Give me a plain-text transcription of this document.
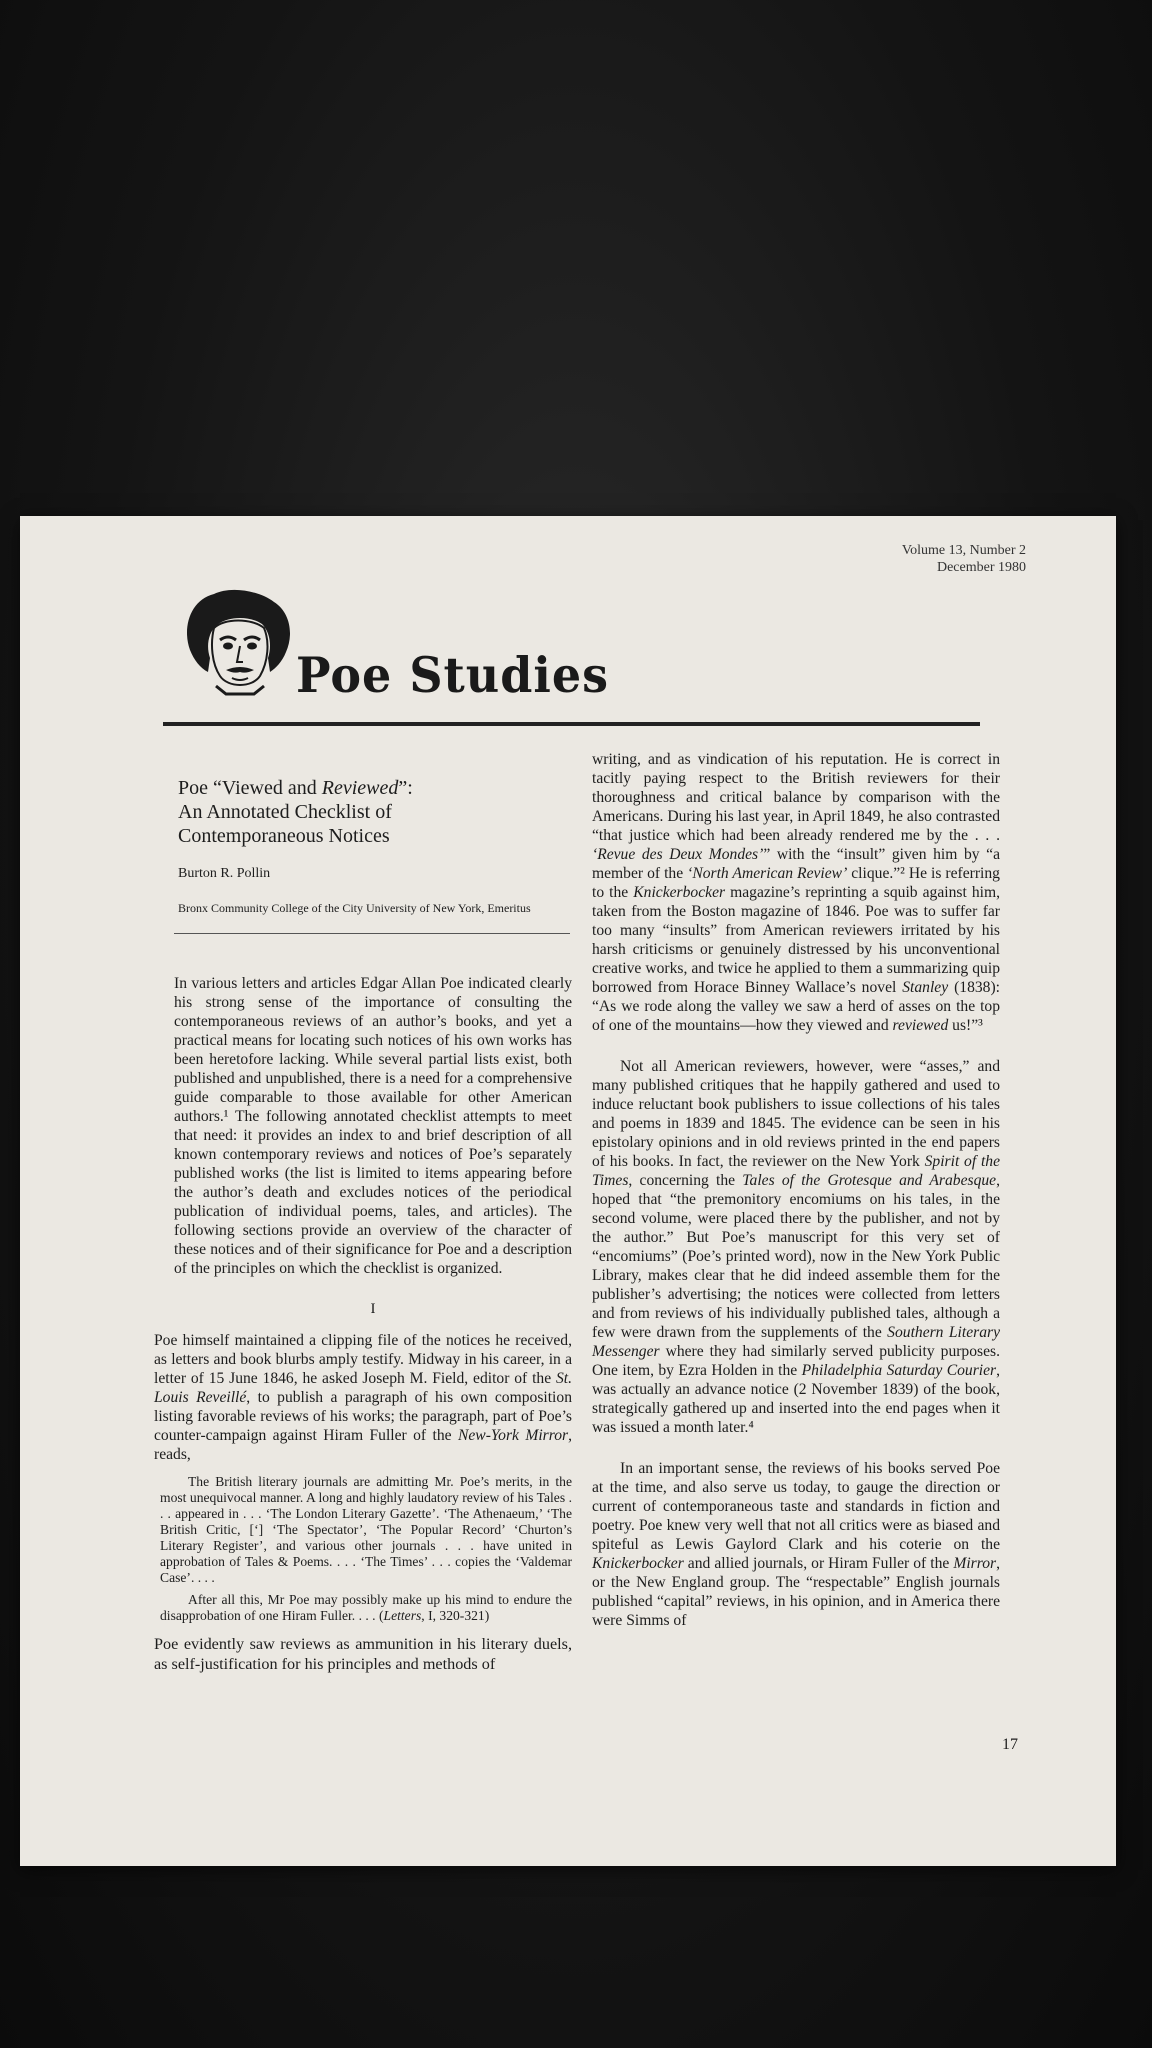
Volume 13, Number 2
December 1980
Poe Studies
Poe “Viewed and Reviewed”:
An Annotated Checklist of
Contemporaneous Notices
Burton R. Pollin
Bronx Community College of the City University of New York, Emeritus

In various letters and articles Edgar Allan Poe indicated clearly his strong sense of the importance of consulting the contemporaneous reviews of an author’s books, and yet a practical means for locating such notices of his own works has been heretofore lacking. While several partial lists exist, both published and unpublished, there is a need for a comprehensive guide comparable to those available for other American authors.¹ The following annotated checklist attempts to meet that need: it provides an index to and brief description of all known contemporary reviews and notices of Poe’s separately published works (the list is limited to items appearing before the author’s death and excludes notices of the periodical publication of individual poems, tales, and articles). The following sections provide an overview of the character of these notices and of their significance for Poe and a description of the principles on which the checklist is organized.

I

Poe himself maintained a clipping file of the notices he received, as letters and book blurbs amply testify. Midway in his career, in a letter of 15 June 1846, he asked Joseph M. Field, editor of the St. Louis Reveillé, to publish a paragraph of his own composition listing favorable reviews of his works; the paragraph, part of Poe’s counter-campaign against Hiram Fuller of the New-York Mirror, reads,

The British literary journals are admitting Mr. Poe’s merits, in the most unequivocal manner. A long and highly laudatory review of his Tales . . . appeared in . . . ‘The London Literary Gazette’. ‘The Athenaeum,’ ‘The British Critic, [‘] ‘The Spectator’, ‘The Popular Record’ ‘Churton’s Literary Register’, and various other journals . . . have united in approbation of Tales & Poems. . . . ‘The Times’ . . . copies the ‘Valdemar Case’. . . .

After all this, Mr Poe may possibly make up his mind to endure the disapprobation of one Hiram Fuller. . . . (Letters, I, 320-321)

Poe evidently saw reviews as ammunition in his literary duels, as self-justification for his principles and methods of

writing, and as vindication of his reputation. He is correct in tacitly paying respect to the British reviewers for their thoroughness and critical balance by comparison with the Americans. During his last year, in April 1849, he also contrasted “that justice which had been already rendered me by the . . . ‘Revue des Deux Mondes’” with the “insult” given him by “a member of the ‘North American Review’ clique.”² He is referring to the Knickerbocker magazine’s reprinting a squib against him, taken from the Boston magazine of 1846. Poe was to suffer far too many “insults” from American reviewers irritated by his harsh criticisms or genuinely distressed by his unconventional creative works, and twice he applied to them a summarizing quip borrowed from Horace Binney Wallace’s novel Stanley (1838): “As we rode along the valley we saw a herd of asses on the top of one of the mountains—how they viewed and reviewed us!”³

Not all American reviewers, however, were “asses,” and many published critiques that he happily gathered and used to induce reluctant book publishers to issue collections of his tales and poems in 1839 and 1845. The evidence can be seen in his epistolary opinions and in old reviews printed in the end papers of his books. In fact, the reviewer on the New York Spirit of the Times, concerning the Tales of the Grotesque and Arabesque, hoped that “the premonitory encomiums on his tales, in the second volume, were placed there by the publisher, and not by the author.” But Poe’s manuscript for this very set of “encomiums” (Poe’s printed word), now in the New York Public Library, makes clear that he did indeed assemble them for the publisher’s advertising; the notices were collected from letters and from reviews of his individually published tales, although a few were drawn from the supplements of the Southern Literary Messenger where they had similarly served publicity purposes. One item, by Ezra Holden in the Philadelphia Saturday Courier, was actually an advance notice (2 November 1839) of the book, strategically gathered up and inserted into the end pages when it was issued a month later.⁴

In an important sense, the reviews of his books served Poe at the time, and also serve us today, to gauge the direction or current of contemporaneous taste and standards in fiction and poetry. Poe knew very well that not all critics were as biased and spiteful as Lewis Gaylord Clark and his coterie on the Knickerbocker and allied journals, or Hiram Fuller of the Mirror, or the New England group. The “respectable” English journals published “capital” reviews, in his opinion, and in America there were Simms of

17
